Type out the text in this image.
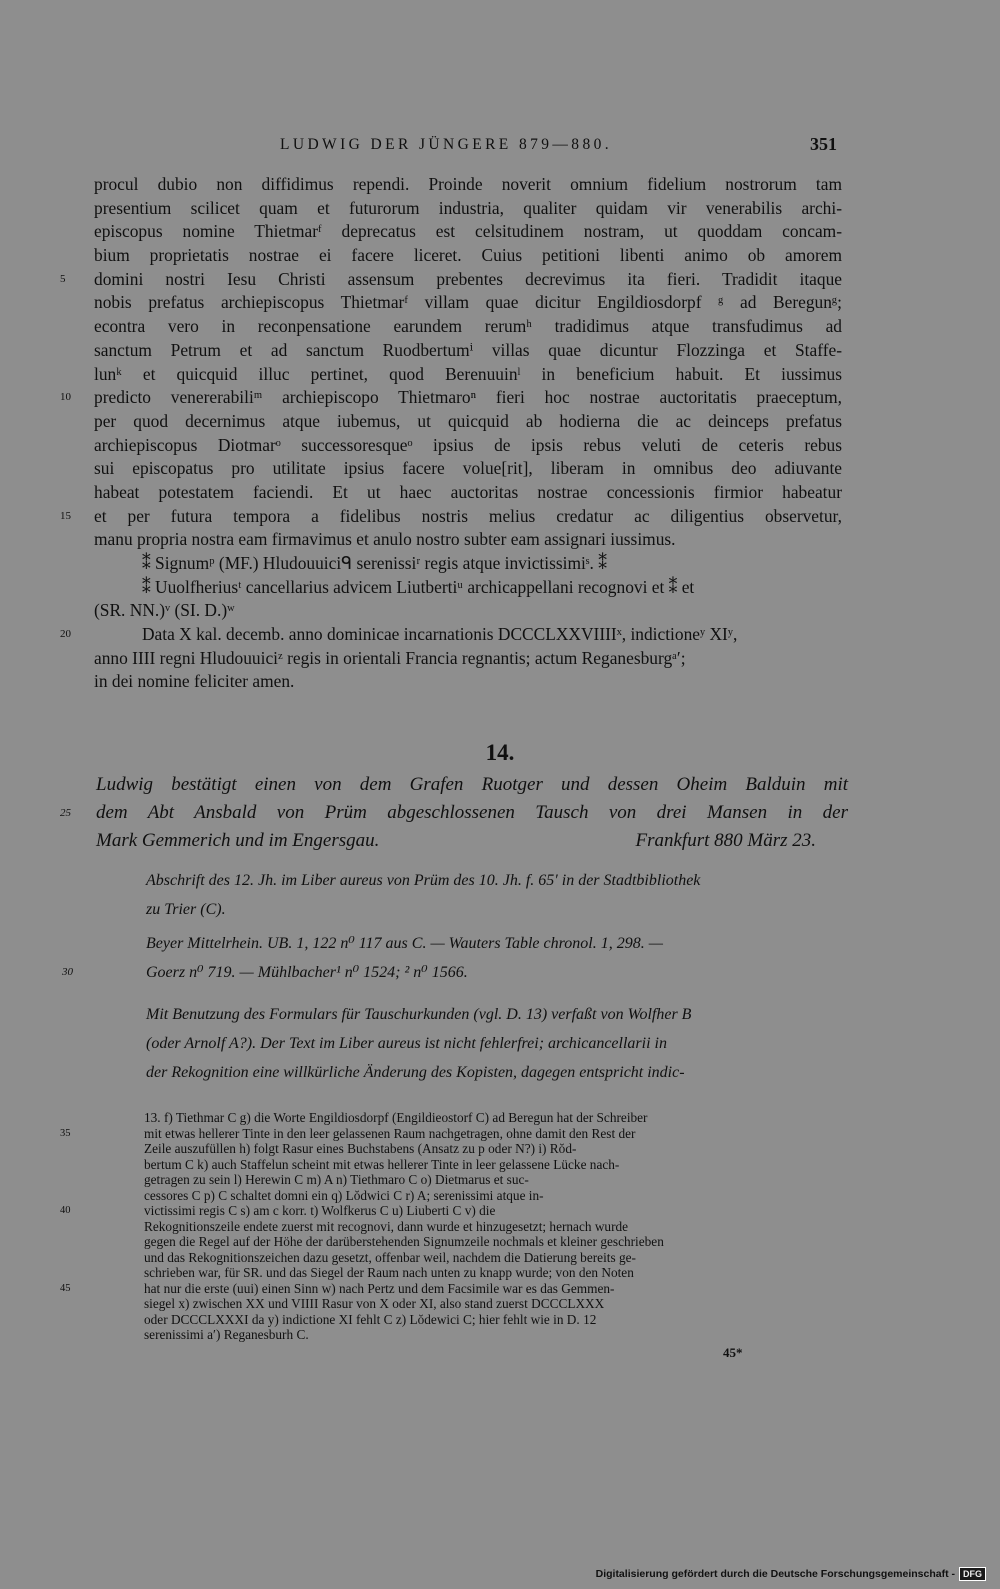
LUDWIG DER JÜNGERE 879—880.	351
procul dubio non diffidimus rependi. Proinde noverit omnium fidelium nostrorum tam
presentium scilicet quam et futurorum industria, qualiter quidam vir venerabilis archi-
episcopus nomine Thietmarᶠ deprecatus est celsitudinem nostram, ut quoddam concam-
bium proprietatis nostrae ei facere liceret. Cuius petitioni libenti animo ob amorem
5	domini nostri Iesu Christi assensum prebentes decrevimus ita fieri. Tradidit itaque
nobis prefatus archiepiscopus Thietmarᶠ villam quae dicitur Engildiosdorpf ᵍ ad Beregunᵍ;
econtra vero in reconpensatione earundem rerumʰ tradidimus atque transfudimus ad
sanctum Petrum et ad sanctum Ruodbertumⁱ villas quae dicuntur Flozzinga et Staffe-
lunᵏ et quicquid illuc pertinet, quod Berenuuinˡ in beneficium habuit. Et iussimus
10	predicto venererabiliᵐ archiepiscopo Thietmaroⁿ fieri hoc nostrae auctoritatis praeceptum,
per quod decernimus atque iubemus, ut quicquid ab hodierna die ac deinceps prefatus
archiepiscopus Diotmarᵒ successoresqueᵒ ipsius de ipsis rebus veluti de ceteris rebus
sui episcopatus pro utilitate ipsius facere volue[rit], liberam in omnibus deo adiuvante
habeat potestatem faciendi. Et ut haec auctoritas nostrae concessionis firmior habeatur
15	et per futura tempora a fidelibus nostris melius credatur ac diligentius observetur,
manu propria nostra eam firmavimus et anulo nostro subter eam assignari iussimus.
⁑ Signumᵖ (MF.) Hludouuiciᑫ serenissiʳ regis atque invictissimiˢ. ⁑
⁑ Uuolfheriusᵗ cancellarius advicem Liutbertiᵘ archicappellani recognovi et ⁑ et
(SR. NN.)ᵛ (SI. D.)ʷ
20	Data X kal. decemb. anno dominicae incarnationis DCCCLXXVIIIIˣ, indictioneʸ XIʸ,
anno IIII regni Hludouuiciᶻ regis in orientali Francia regnantis; actum Reganesburgᵃ′;
in dei nomine feliciter amen.
14.
Ludwig bestätigt einen von dem Grafen Ruotger und dessen Oheim Balduin mit
25	dem Abt Ansbald von Prüm abgeschlossenen Tausch von drei Mansen in der
Mark Gemmerich und im Engersgau.	Frankfurt 880 März 23.
Abschrift des 12. Jh. im Liber aureus von Prüm des 10. Jh. f. 65′ in der Stadtbibliothek
zu Trier (C).
Beyer Mittelrhein. UB. 1, 122 n⁰ 117 aus C. — Wauters Table chronol. 1, 298. —
30	Goerz n⁰ 719. — Mühlbacher¹ n⁰ 1524; ² n⁰ 1566.
Mit Benutzung des Formulars für Tauschurkunden (vgl. D. 13) verfaßt von Wolfher B
(oder Arnolf A?). Der Text im Liber aureus ist nicht fehlerfrei; archicancellarii in
der Rekognition eine willkürliche Änderung des Kopisten, dagegen entspricht indic-
13. f) Tiethmar C g) die Worte Engildiosdorpf (Engildieostorf C) ad Beregun hat der Schreiber
35	mit etwas hellerer Tinte in den leer gelassenen Raum nachgetragen, ohne damit den Rest der
Zeile auszufüllen h) folgt Rasur eines Buchstabens (Ansatz zu p oder N?) i) Rŏd-
bertum C k) auch Staffelun scheint mit etwas hellerer Tinte in leer gelassene Lücke nach-
getragen zu sein l) Herewin C m) A n) Tiethmaro C o) Dietmarus et suc-
cessores C p) C schaltet domni ein q) Lŏdwici C r) A; serenissimi atque in-
40	victissimi regis C s) am c korr. t) Wolfkerus C u) Liuberti C v) die
Rekognitionszeile endete zuerst mit recognovi, dann wurde et hinzugesetzt; hernach wurde
gegen die Regel auf der Höhe der darüberstehenden Signumzeile nochmals et kleiner geschrieben
und das Rekognitionszeichen dazu gesetzt, offenbar weil, nachdem die Datierung bereits ge-
schrieben war, für SR. und das Siegel der Raum nach unten zu knapp wurde; von den Noten
45	hat nur die erste (uui) einen Sinn w) nach Pertz und dem Facsimile war es das Gemmen-
siegel x) zwischen XX und VIIII Rasur von X oder XI, also stand zuerst DCCCLXXX
oder DCCCLXXXI da y) indictione XI fehlt C z) Lŏdewici C; hier fehlt wie in D. 12
serenissimi a′) Reganesburh C.
45*
Digitalisierung gefördert durch die Deutsche Forschungsgemeinschaft - DFG
